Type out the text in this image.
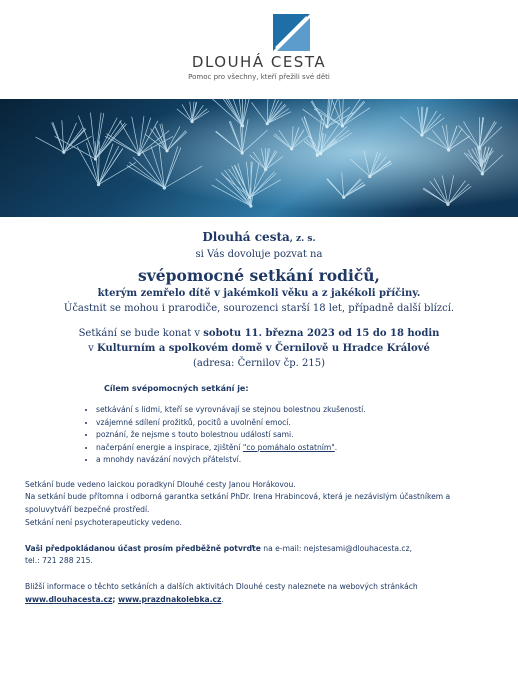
DLOUHÁ CESTA
Pomoc pro všechny, kteří přežili své děti

Dlouhá cesta, z. s.

si Vás dovoluje pozvat na

svépomocné setkání rodičů,

kterým zemřelo dítě v jakémkoli věku a z jakékoli příčiny.

Účastnit se mohou i prarodiče, sourozenci starší 18 let, případně další blízcí.

Setkání se bude konat v sobotu 11. března 2023 od 15 do 18 hodin

v Kulturním a spolkovém domě v Černilově u Hradce Králové

(adresa: Černilov čp. 215)

Cílem svépomocných setkání je:
• setkávání s lidmi, kteří se vyrovnávají se stejnou bolestnou zkušeností.
• vzájemné sdílení prožitků, pocitů a uvolnění emocí.
• poznání, že nejsme s touto bolestnou událostí sami.
• načerpání energie a inspirace, zjištění "co pomáhalo ostatním".
• a mnohdy navázání nových přátelství.
Setkání bude vedeno laickou poradkyní Dlouhé cesty Janou Horákovou.
Na setkání bude přítomna i odborná garantka setkání PhDr. Irena Hrabincová, která je nezávislým účastníkem a spoluvytváří bezpečné prostředí.
Setkání není psychoterapeuticky vedeno.
Vaši předpokládanou účast prosím předběžně potvrďte na e-mail: nejstesami@dlouhacesta.cz,
tel.: 721 288 215.
Bližší informace o těchto setkáních a dalších aktivitách Dlouhé cesty naleznete na webových stránkách
www.dlouhacesta.cz; www.prazdnakolebka.cz.
